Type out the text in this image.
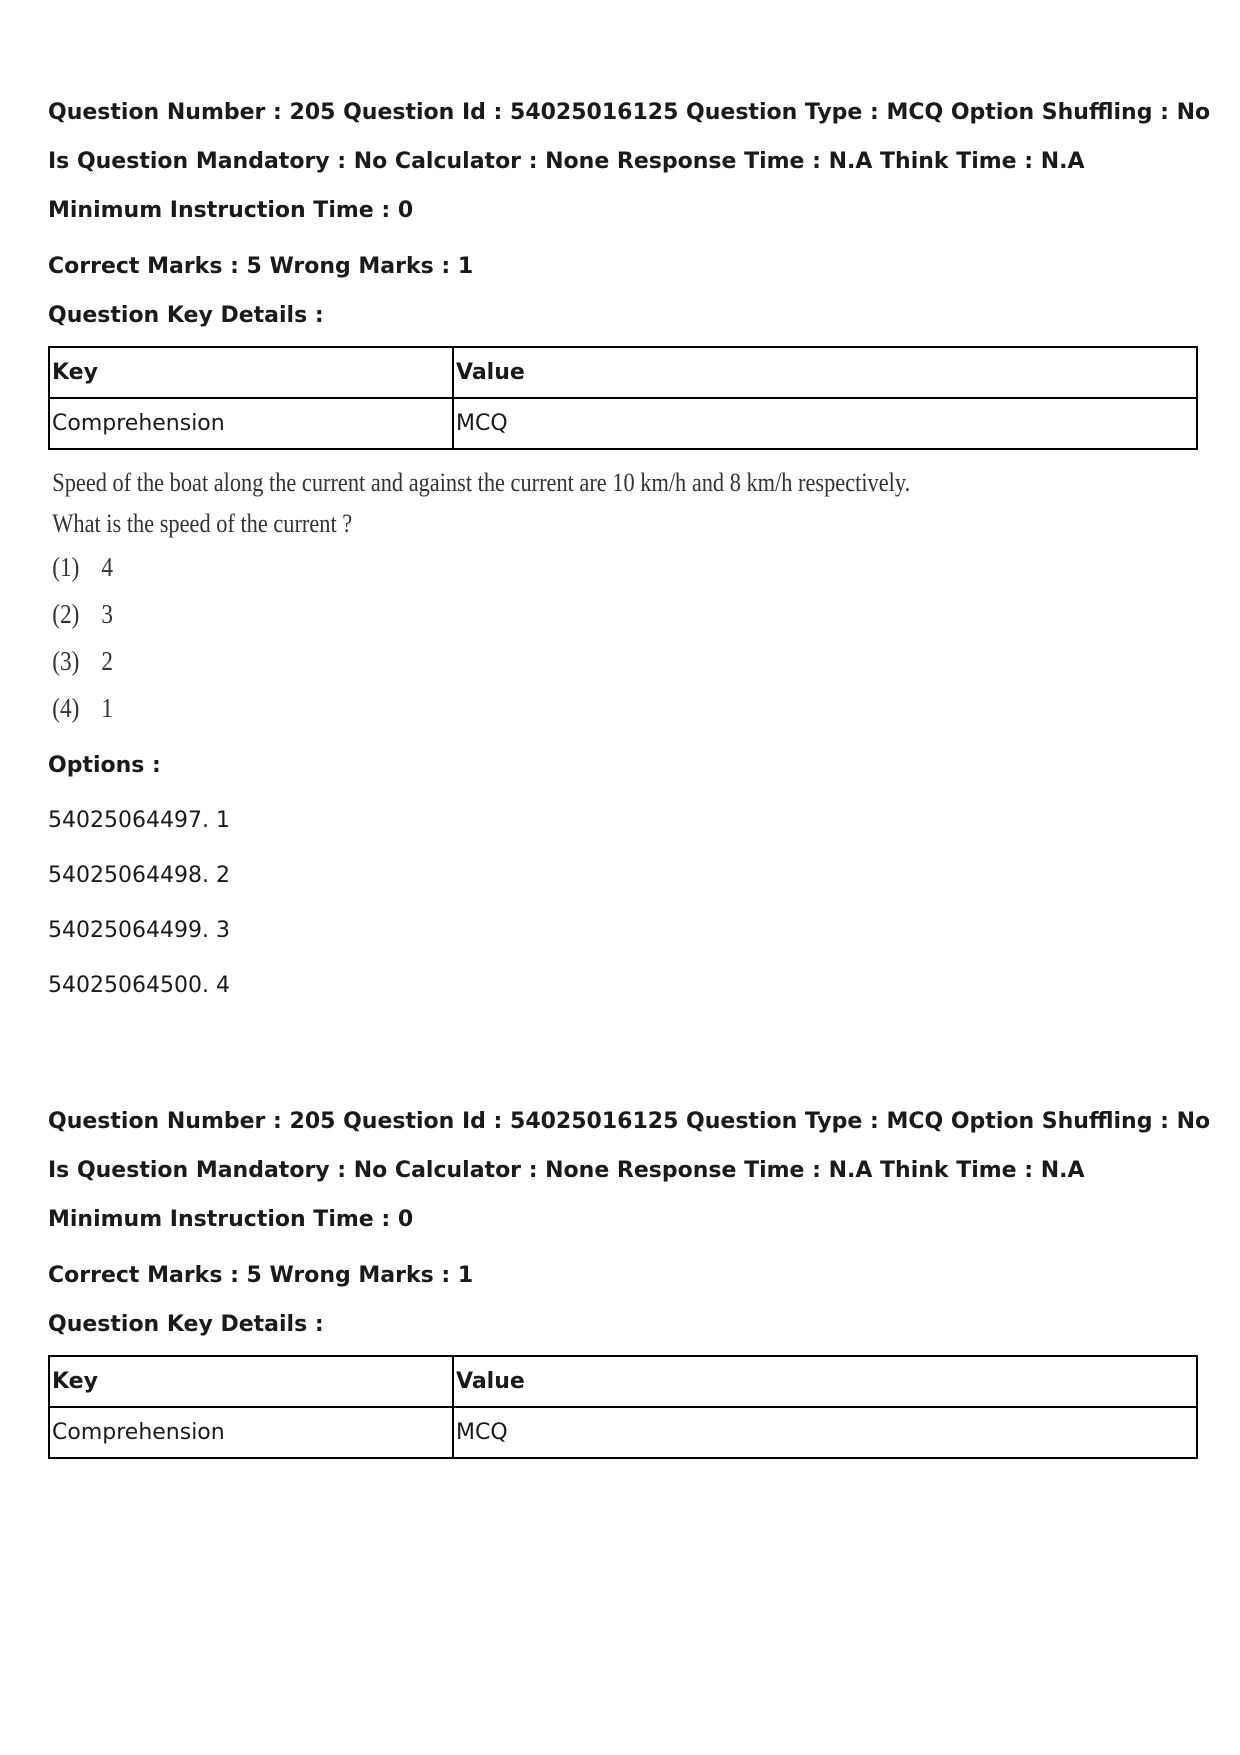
Question Number : 205 Question Id : 54025016125 Question Type : MCQ Option Shuffling : No

Is Question Mandatory : No Calculator : None Response Time : N.A Think Time : N.A

Minimum Instruction Time : 0

Correct Marks : 5 Wrong Marks : 1

Question Key Details :

Key	Value
Comprehension	MCQ
Speed of the boat along the current and against the current are 10 km/h and 8 km/h respectively.
What is the speed of the current ?
(1) 4
(2) 3
(3) 2
(4) 1

Options :

54025064497. 1

54025064498. 2

54025064499. 3

54025064500. 4

Question Number : 205 Question Id : 54025016125 Question Type : MCQ Option Shuffling : No

Is Question Mandatory : No Calculator : None Response Time : N.A Think Time : N.A

Minimum Instruction Time : 0

Correct Marks : 5 Wrong Marks : 1

Question Key Details :

Key	Value
Comprehension	MCQ
